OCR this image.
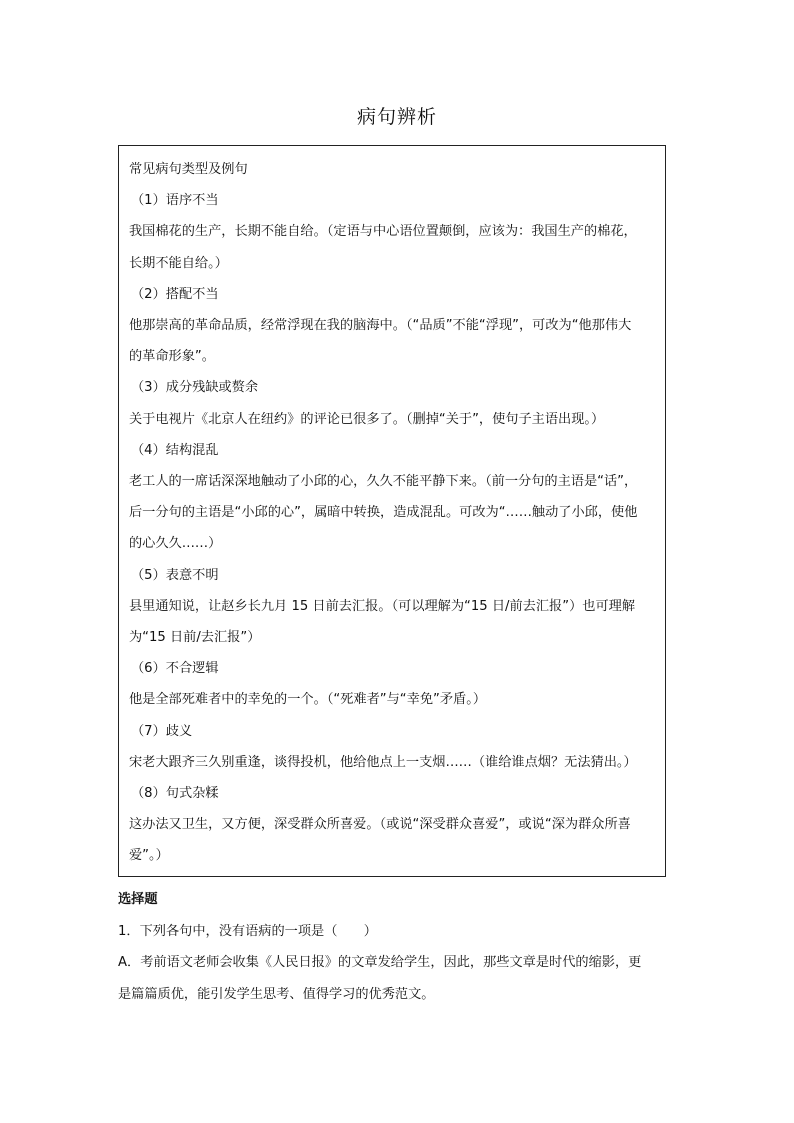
病句辨析
常见病句类型及例句
（1）语序不当
我国棉花的生产，长期不能自给。（定语与中心语位置颠倒，应该为：我国生产的棉花，
长期不能自给。）
（2）搭配不当
他那崇高的革命品质，经常浮现在我的脑海中。（“品质”不能“浮现”，可改为“他那伟大
的革命形象”。
（3）成分残缺或赘余
关于电视片《北京人在纽约》的评论已很多了。（删掉“关于”，使句子主语出现。）
（4）结构混乱
老工人的一席话深深地触动了小邱的心，久久不能平静下来。（前一分句的主语是“话”，
后一分句的主语是“小邱的心”，属暗中转换，造成混乱。可改为“……触动了小邱，使他
的心久久……）
（5）表意不明
县里通知说，让赵乡长九月 15 日前去汇报。（可以理解为“15 日/前去汇报”）也可理解
为“15 日前/去汇报”）
（6）不合逻辑
他是全部死难者中的幸免的一个。（“死难者”与“幸免”矛盾。）
（7）歧义
宋老大跟齐三久别重逢，谈得投机，他给他点上一支烟……（谁给谁点烟？无法猜出。）
（8）句式杂糅
这办法又卫生，又方便，深受群众所喜爱。（或说“深受群众喜爱”，或说“深为群众所喜
爱”。）
选择题
1．下列各句中，没有语病的一项是（　　）
A．考前语文老师会收集《人民日报》的文章发给学生，因此，那些文章是时代的缩影，更
是篇篇质优，能引发学生思考、值得学习的优秀范文。
